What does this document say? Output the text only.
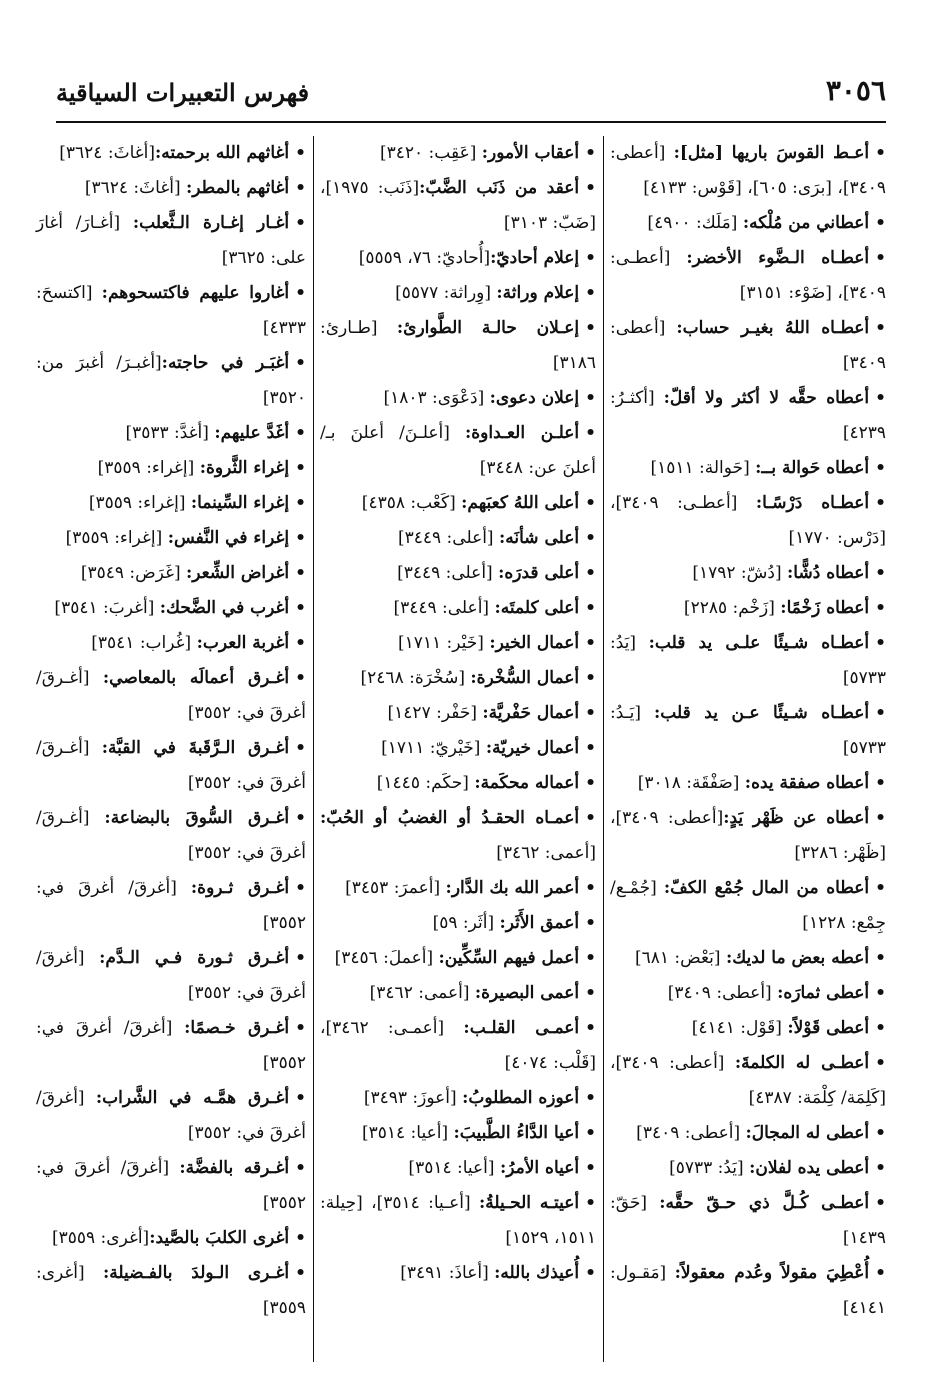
٣٠٥٦
فهرس التعبيرات السياقية

•أعـط القوسَ باريها [مثل]: [أعطى: ٣٤٠٩]، [برَى: ٦٠٥]، [قَوْس: ٤١٣٣]

•أعطاني من مُلْكه: [مَلَك: ٤٩٠٠]

•أعطـاه الـضَّوء الأخضر: [أعطـى: ٣٤٠٩]، [ضَوْء: ٣١٥١]

•أعطـاه اللهُ بغيـر حساب: [أعطى: ٣٤٠٩]

•أعطاه حقَّه لا أكثر ولا أقلّ: [أكثـرُ: ٤٢٣٩]

•أعطاه حَوالة بــ: [حَوالة: ١٥١١]

•أعطـاه دَرْسًـا: [أعطـى: ٣٤٠٩]، [دَرْس: ١٧٧٠]

•أعطاه دُشًّا: [دُشّ: ١٧٩٢]

•أعطاه زَخْمًا: [زَخْم: ٢٢٨٥]

•أعطـاه شـيئًا علـى يد قلب: [يَدُ: ٥٧٣٣]

•أعطـاه شـيئًا عـن يد قلب: [يَـدُ: ٥٧٣٣]

•أعطاه صفقة يده: [صَفْقَة: ٣٠١٨]

•أعطاه عن ظَهْر يَدٍ:[أعطى: ٣٤٠٩]، [ظَهْر: ٣٢٨٦]

•أعطاه من المال جُمْع الكفّ: [جُمْـع/ جِمْع: ١٢٢٨]

•أعطه بعض ما لديك: [بَعْض: ٦٨١]

•أعطى ثمارَه: [أعطى: ٣٤٠٩]

•أعطى قَوْلاً: [قَوْل: ٤١٤١]

•أعطـى له الكلمةَ: [أعطى: ٣٤٠٩]، [كَلِمَة/ كِلْمَة: ٤٣٨٧]

•أعطى له المجالَ: [أعطى: ٣٤٠٩]

•أعطى يده لفلان: [يَدُ: ٥٧٣٣]

•أعطـى كُـلَّ ذي حـقّ حقَّه: [حَقّ: ١٤٣٩]

•أُعْطِيَ مقولاً وعُدم معقولاً: [مَقـول: ٤١٤١]

•أعقاب الأمور: [عَقِب: ٣٤٢٠]

•أعقد من ذَنَب الضَّبّ:[ذَنَب: ١٩٧٥]، [ضَبّ: ٣١٠٣]

•إعلام أحاديّ:[أُحاديّ: ٧٦، ٥٥٥٩]

•إعلام وراثة: [وِراثة: ٥٥٧٧]

•إعـلان حالـة الطَّوارئ: [طـارئ: ٣١٨٦]

•إعلان دعوى: [دَعْوَى: ١٨٠٣]

•أعلـن العـداوة: [أعلـنَ/ أعلنَ بـ/ أعلنَ عن: ٣٤٤٨]

•أعلى اللهُ كعبَهم: [كَعْب: ٤٣٥٨]

•أعلى شأنَه: [أعلى: ٣٤٤٩]

•أعلى قدرَه: [أعلى: ٣٤٤٩]

•أعلى كلمتَه: [أعلى: ٣٤٤٩]

•أعمال الخير: [خَيْر: ١٧١١]

•أعمال السُّخْرة: [سُخْرَة: ٢٤٦٨]

•أعمال حَفْريَّة: [حَفْر: ١٤٢٧]

•أعمال خيريّة: [خَيْريّ: ١٧١١]

•أعماله محكَمة: [حكَم: ١٤٤٥]

•أعمـاه الحقـدُ أو الغضبُ أو الحُبّ: [أعمى: ٣٤٦٢]

•أعمر الله بك الدَّار: [أعمرَ: ٣٤٥٣]

•أعمق الأَثَر: [أثَر: ٥٩]

•أعمل فيهم السِّكِّين: [أعملَ: ٣٤٥٦]

•أعمى البصيرة: [أعمى: ٣٤٦٢]

•أعمـى القلـب: [أعمـى: ٣٤٦٢]، [قَلْب: ٤٠٧٤]

•أعوزه المطلوبُ: [أعوزَ: ٣٤٩٣]

•أعيا الدَّاءُ الطَّبيبَ: [أعيا: ٣٥١٤]

•أعياه الأمرُ: [أعيا: ٣٥١٤]

•أعيتـه الحـيلةُ: [أعـيا: ٣٥١٤]، [حِيلة: ١٥١١، ١٥٢٩]

•أُعيذك بالله: [أعاذَ: ٣٤٩١]

•أغاثهم الله برحمته:[أغاثَ: ٣٦٢٤]

•أغاثهم بالمطر: [أغاثَ: ٣٦٢٤]

•أغـار إغـارة الـثَّعلب: [أغـارَ/ أغارَ على: ٣٦٢٥]

•أغاروا عليهم فاكتسحوهم: [اكتسحَ: ٤٣٣٣]

•أغبَـر في حاجته:[أغبـرَ/ أغبرَ من: ٣٥٢٠]

•أغَدَّ عليهم: [أغدَّ: ٣٥٣٣]

•إغراء الثَّروة: [إغراء: ٣٥٥٩]

•إغراء السِّينما: [إغراء: ٣٥٥٩]

•إغراء في النَّفس: [إغراء: ٣٥٥٩]

•أغراض الشِّعر: [غَرَض: ٣٥٤٩]

•أغرب في الضَّحك: [أغربَ: ٣٥٤١]

•أغربة العرب: [غُراب: ٣٥٤١]

•أغـرق أعمالَه بالمعاصي: [أغـرقَ/ أغرقَ في: ٣٥٥٢]

•أغـرق الـرَّقَبةَ في القبَّة: [أغـرقَ/ أغرقَ في: ٣٥٥٢]

•أغـرق السُّوقَ بالبضاعة: [أغـرقَ/ أغرقَ في: ٣٥٥٢]

•أغـرق ثـروة: [أغرقَ/ أغرقَ في: ٣٥٥٢]

•أغـرق ثـورة فـي الـدَّم: [أغرقَ/ أغرقَ في: ٣٥٥٢]

•أغـرق خـصمًا: [أغرقَ/ أغرقَ في: ٣٥٥٢]

•أغـرق همَّـه في الشَّراب: [أغرقَ/ أغرقَ في: ٣٥٥٢]

•أغـرقه بالفضَّة: [أغرقَ/ أغرقَ في: ٣٥٥٢]

•أغرى الكلبَ بالصَّيد:[أغرى: ٣٥٥٩]

•أغـرى الـولدَ بالفـضيلة: [أغرى: ٣٥٥٩]
